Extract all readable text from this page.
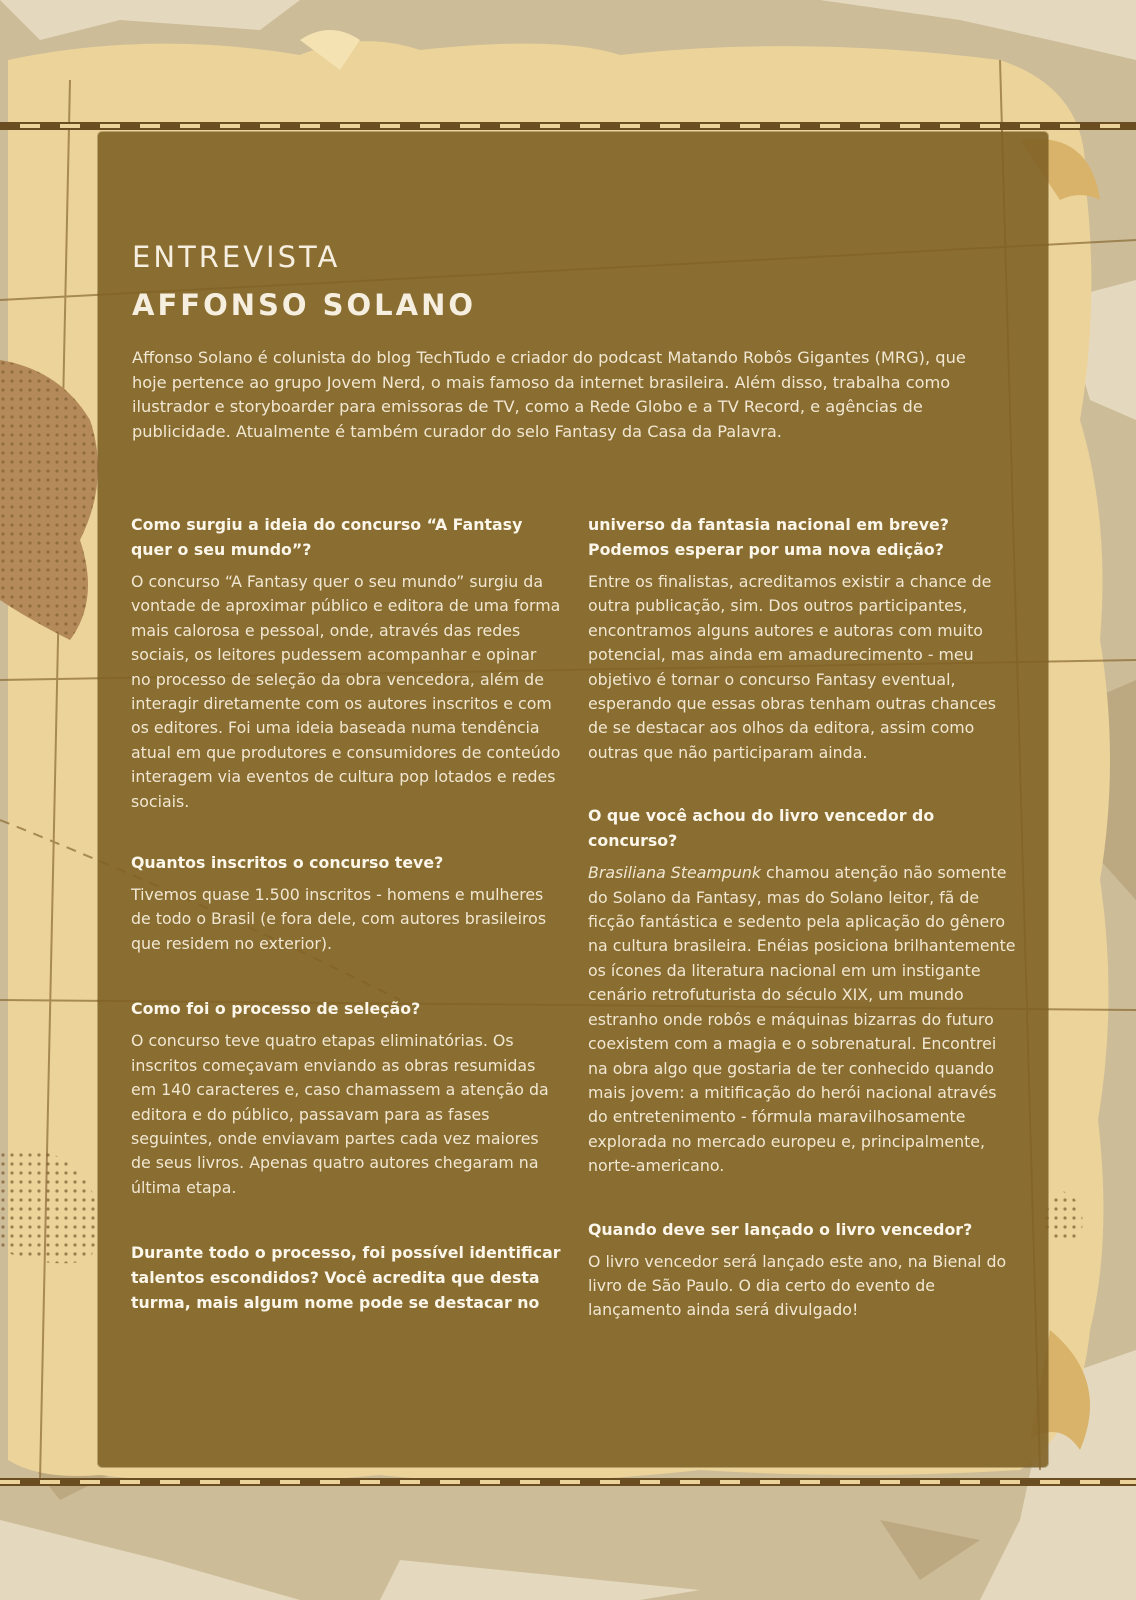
ENTREVISTA
AFFONSO SOLANO

Affonso Solano é colunista do blog TechTudo e criador do podcast Matando Robôs Gigantes (MRG), que hoje pertence ao grupo Jovem Nerd, o mais famoso da internet brasileira. Além disso, trabalha como ilustrador e storyboarder para emissoras de TV, como a Rede Globo e a TV Record, e agências de publicidade. Atualmente é também curador do selo Fantasy da Casa da Palavra.

Como surgiu a ideia do concurso “A Fantasy quer o seu mundo”?

O concurso “A Fantasy quer o seu mundo” surgiu da vontade de aproximar público e editora de uma forma mais calorosa e pessoal, onde, através das redes sociais, os leitores pudessem acompanhar e opinar no processo de seleção da obra vencedora, além de interagir diretamente com os autores inscritos e com os editores. Foi uma ideia baseada numa tendência atual em que produtores e consumidores de conteúdo interagem via eventos de cultura pop lotados e redes sociais.

Quantos inscritos o concurso teve?

Tivemos quase 1.500 inscritos - homens e mulheres de todo o Brasil (e fora dele, com autores brasileiros que residem no exterior).

Como foi o processo de seleção?

O concurso teve quatro etapas eliminatórias. Os inscritos começavam enviando as obras resumidas em 140 caracteres e, caso chamassem a atenção da editora e do público, passavam para as fases seguintes, onde enviavam partes cada vez maiores de seus livros. Apenas quatro autores chegaram na última etapa.

Durante todo o processo, foi possível identificar talentos escondidos? Você acredita que desta turma, mais algum nome pode se destacar no

universo da fantasia nacional em breve? Podemos esperar por uma nova edição?

Entre os finalistas, acreditamos existir a chance de outra publicação, sim. Dos outros participantes, encontramos alguns autores e autoras com muito potencial, mas ainda em amadurecimento - meu objetivo é tornar o concurso Fantasy eventual, esperando que essas obras tenham outras chances de se destacar aos olhos da editora, assim como outras que não participaram ainda.

O que você achou do livro vencedor do concurso?

Brasiliana Steampunk chamou atenção não somente do Solano da Fantasy, mas do Solano leitor, fã de ficção fantástica e sedento pela aplicação do gênero na cultura brasileira. Enéias posiciona brilhantemente os ícones da literatura nacional em um instigante cenário retrofuturista do século XIX, um mundo estranho onde robôs e máquinas bizarras do futuro coexistem com a magia e o sobrenatural. Encontrei na obra algo que gostaria de ter conhecido quando mais jovem: a mitificação do herói nacional através do entretenimento - fórmula maravilhosamente explorada no mercado europeu e, principalmente, norte-americano.

Quando deve ser lançado o livro vencedor?

O livro vencedor será lançado este ano, na Bienal do livro de São Paulo. O dia certo do evento de lançamento ainda será divulgado!
